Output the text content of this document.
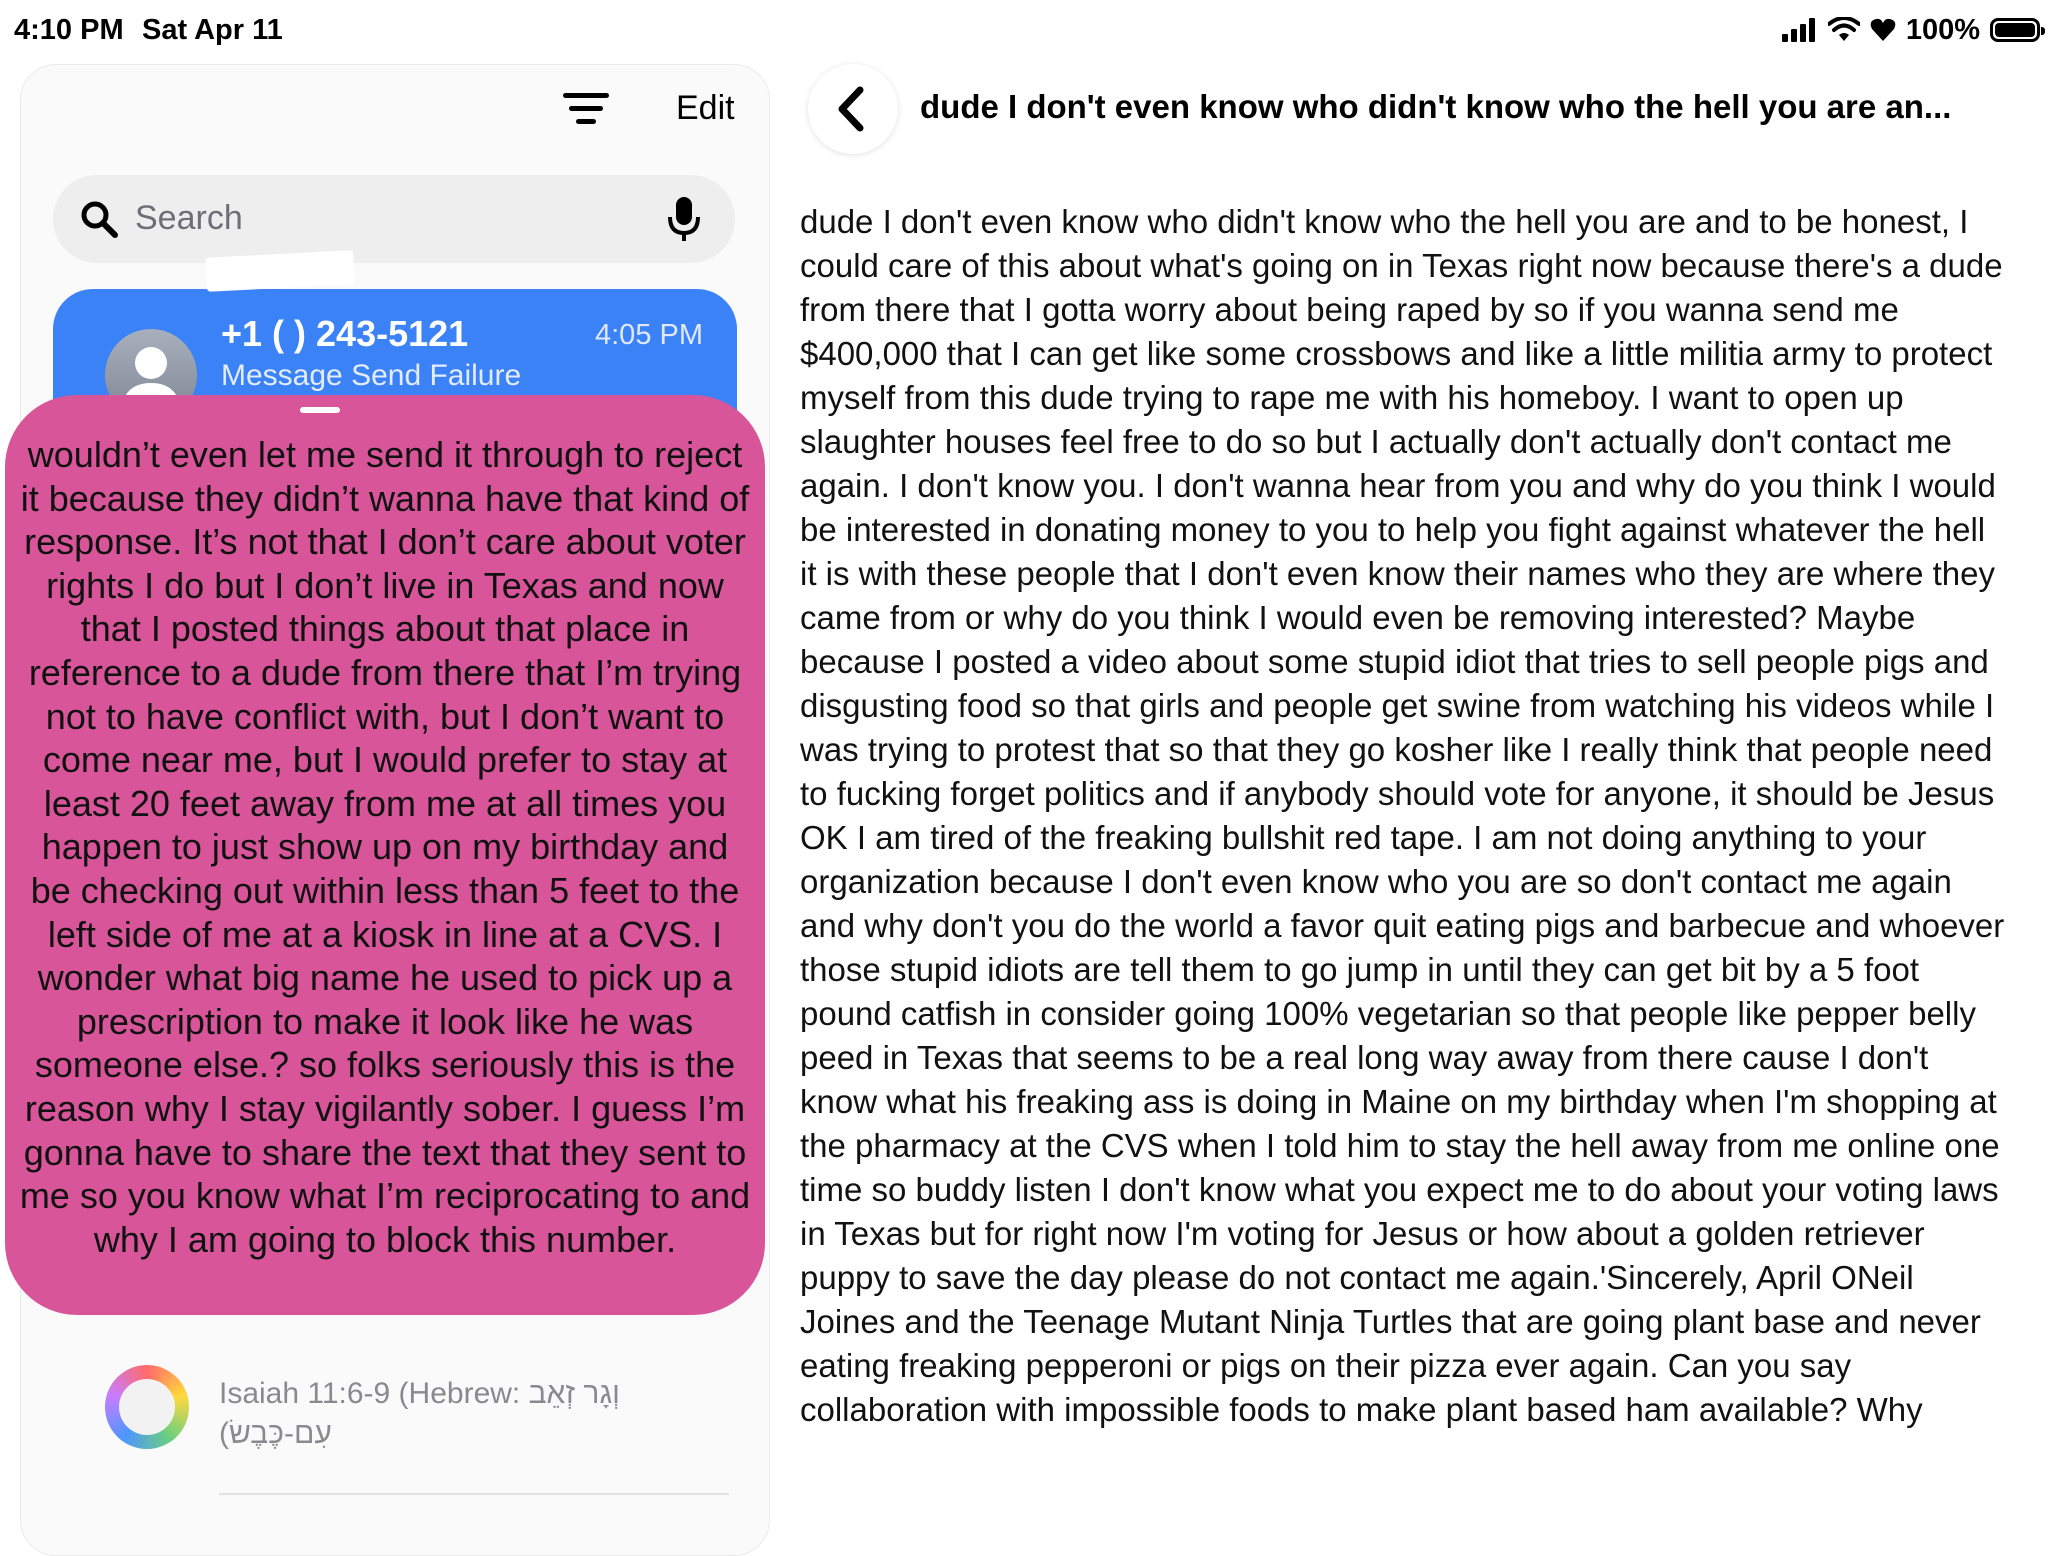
4:10 PM Sat Apr 11	100%
Edit
Search
+1 ( ) 243-5121	4:05 PM
Message Send Failure
Isaiah 11:6-9 (Hebrew: וְגָר זְאֵב
(עִם-כֶּבֶשׂ
wouldn’t even let me send it through to reject it because they didn’t wanna have that kind of response. It’s not that I don’t care about voter rights I do but I don’t live in Texas and now that I posted things about that place in reference to a dude from there that I’m trying not to have conflict with, but I don’t want to come near me, but I would prefer to stay at least 20 feet away from me at all times you happen to just show up on my birthday and be checking out within less than 5 feet to the left side of me at a kiosk in line at a CVS. I wonder what big name he used to pick up a prescription to make it look like he was someone else.? so folks seriously this is the reason why I stay vigilantly sober. I guess I’m gonna have to share the text that they sent to me so you know what I’m reciprocating to and why I am going to block this number.
dude I don't even know who didn't know who the hell you are an...
dude I don't even know who didn't know who the hell you are and to be honest, I could care of this about what's going on in Texas right now because there's a dude from there that I gotta worry about being raped by so if you wanna send me $400,000 that I can get like some crossbows and like a little militia army to protect myself from this dude trying to rape me with his homeboy. I want to open up slaughter houses feel free to do so but I actually don't actually don't contact me again. I don't know you. I don't wanna hear from you and why do you think I would be interested in donating money to you to help you fight against whatever the hell it is with these people that I don't even know their names who they are where they came from or why do you think I would even be removing interested? Maybe because I posted a video about some stupid idiot that tries to sell people pigs and disgusting food so that girls and people get swine from watching his videos while I was trying to protest that so that they go kosher like I really think that people need to fucking forget politics and if anybody should vote for anyone, it should be Jesus OK I am tired of the freaking bullshit red tape. I am not doing anything to your organization because I don't even know who you are so don't contact me again and why don't you do the world a favor quit eating pigs and barbecue and whoever those stupid idiots are tell them to go jump in until they can get bit by a 5 foot pound catfish in consider going 100% vegetarian so that people like pepper belly peed in Texas that seems to be a real long way away from there cause I don't know what his freaking ass is doing in Maine on my birthday when I'm shopping at the pharmacy at the CVS when I told him to stay the hell away from me online one time so buddy listen I don't know what you expect me to do about your voting laws in Texas but for right now I'm voting for Jesus or how about a golden retriever puppy to save the day please do not contact me again.'Sincerely, April ONeil Joines and the Teenage Mutant Ninja Turtles that are going plant base and never eating freaking pepperoni or pigs on their pizza ever again. Can you say collaboration with impossible foods to make plant based ham available? Why
